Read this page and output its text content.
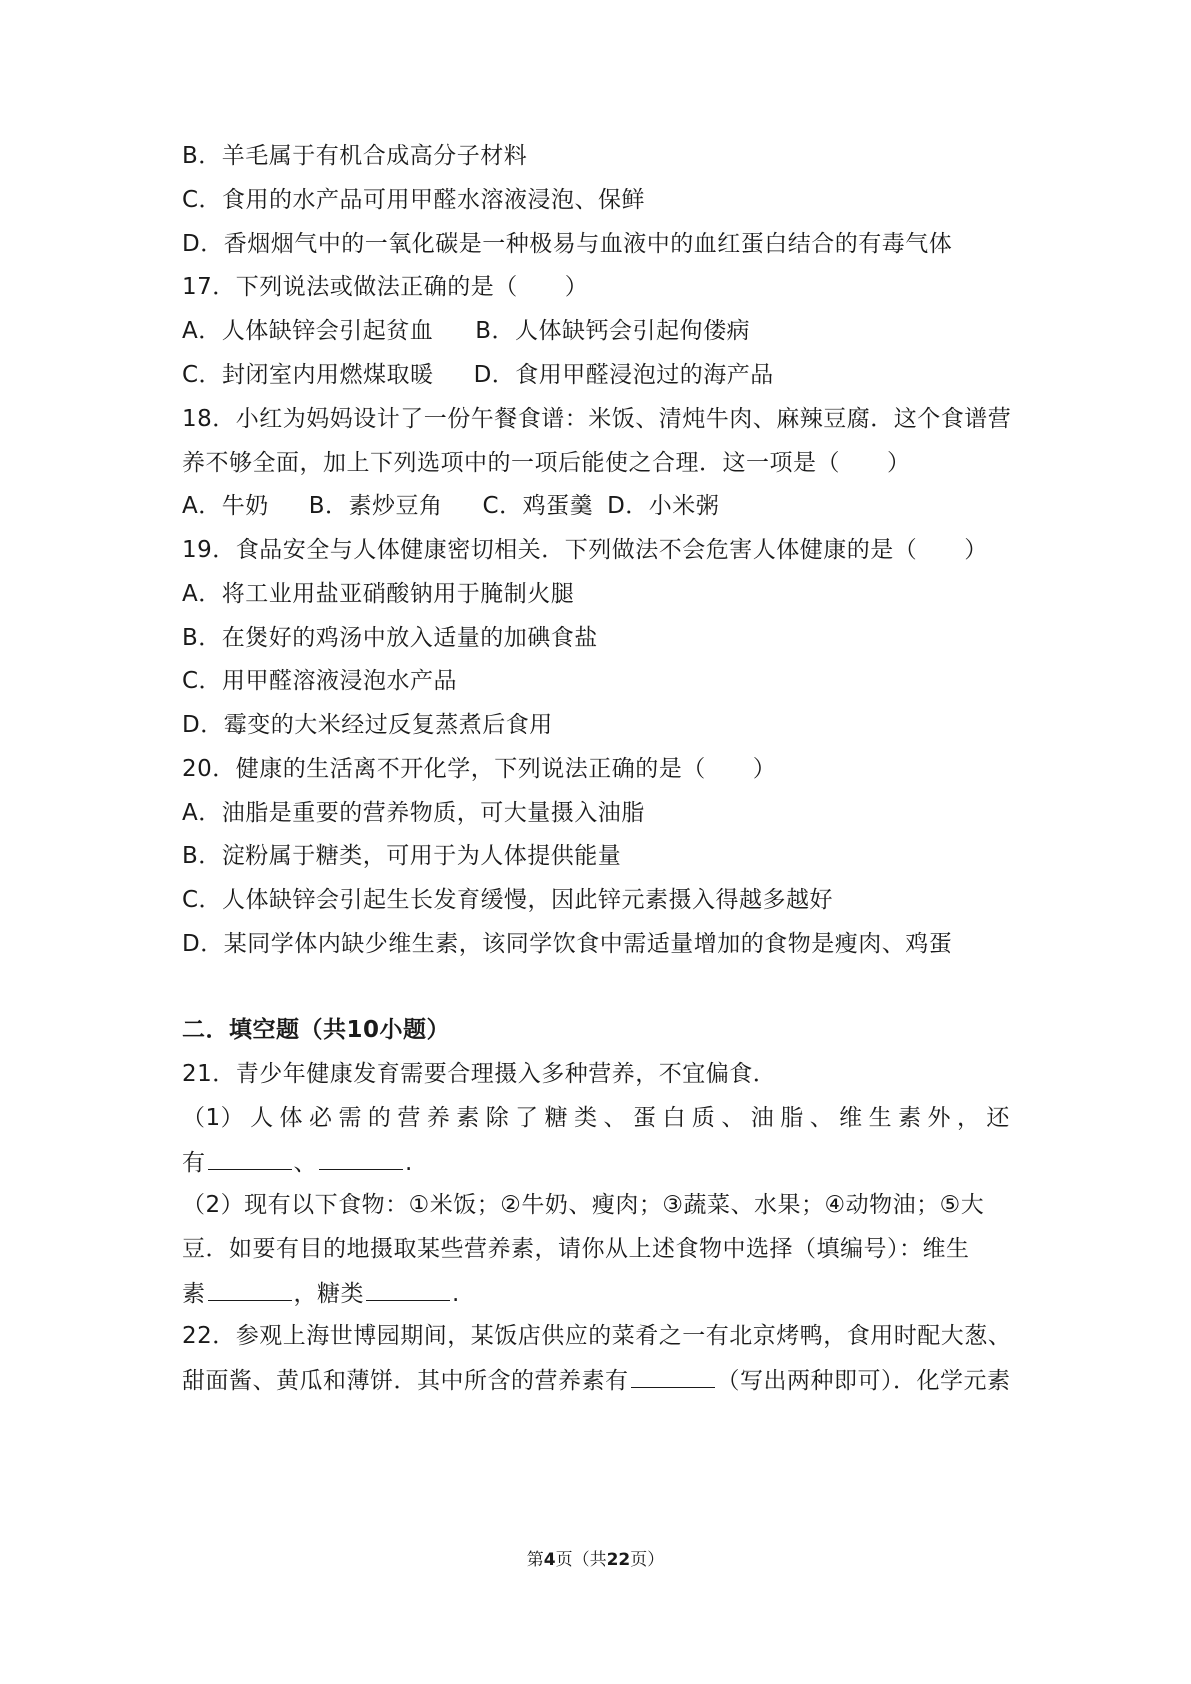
B．羊毛属于有机合成高分子材料
C．食用的水产品可用甲醛水溶液浸泡、保鲜
D．香烟烟气中的一氧化碳是一种极易与血液中的血红蛋白结合的有毒气体
17．下列说法或做法正确的是（　　）
A．人体缺锌会引起贫血 B．人体缺钙会引起佝偻病
C．封闭室内用燃煤取暖 D．食用甲醛浸泡过的海产品
18．小红为妈妈设计了一份午餐食谱：米饭、清炖牛肉、麻辣豆腐．这个食谱营
养不够全面，加上下列选项中的一项后能使之合理．这一项是（　　）
A．牛奶 B．素炒豆角 C．鸡蛋羹 D．小米粥
19．食品安全与人体健康密切相关．下列做法不会危害人体健康的是（　　）
A．将工业用盐亚硝酸钠用于腌制火腿
B．在煲好的鸡汤中放入适量的加碘食盐
C．用甲醛溶液浸泡水产品
D．霉变的大米经过反复蒸煮后食用
20．健康的生活离不开化学，下列说法正确的是（　　）
A．油脂是重要的营养物质，可大量摄入油脂
B．淀粉属于糖类，可用于为人体提供能量
C．人体缺锌会引起生长发育缓慢，因此锌元素摄入得越多越好
D．某同学体内缺少维生素，该同学饮食中需适量增加的食物是瘦肉、鸡蛋
二．填空题（共10小题）
21．青少年健康发育需要合理摄入多种营养，不宜偏食．
（1） 人 体 必 需 的 营 养 素 除 了 糖 类 、 蛋 白 质 、 油 脂 、 维 生 素 外 ， 还
有	、	.
（2）现有以下食物：①米饭；②牛奶、瘦肉；③蔬菜、水果；④动物油；⑤大
豆．如要有目的地摄取某些营养素，请你从上述食物中选择（填编号）：维生
素	，糖类	.
22．参观上海世博园期间，某饭店供应的菜肴之一有北京烤鸭，食用时配大葱、
甜面酱、黄瓜和薄饼．其中所含的营养素有	（写出两种即可）．化学元素
第4页（共22页）
